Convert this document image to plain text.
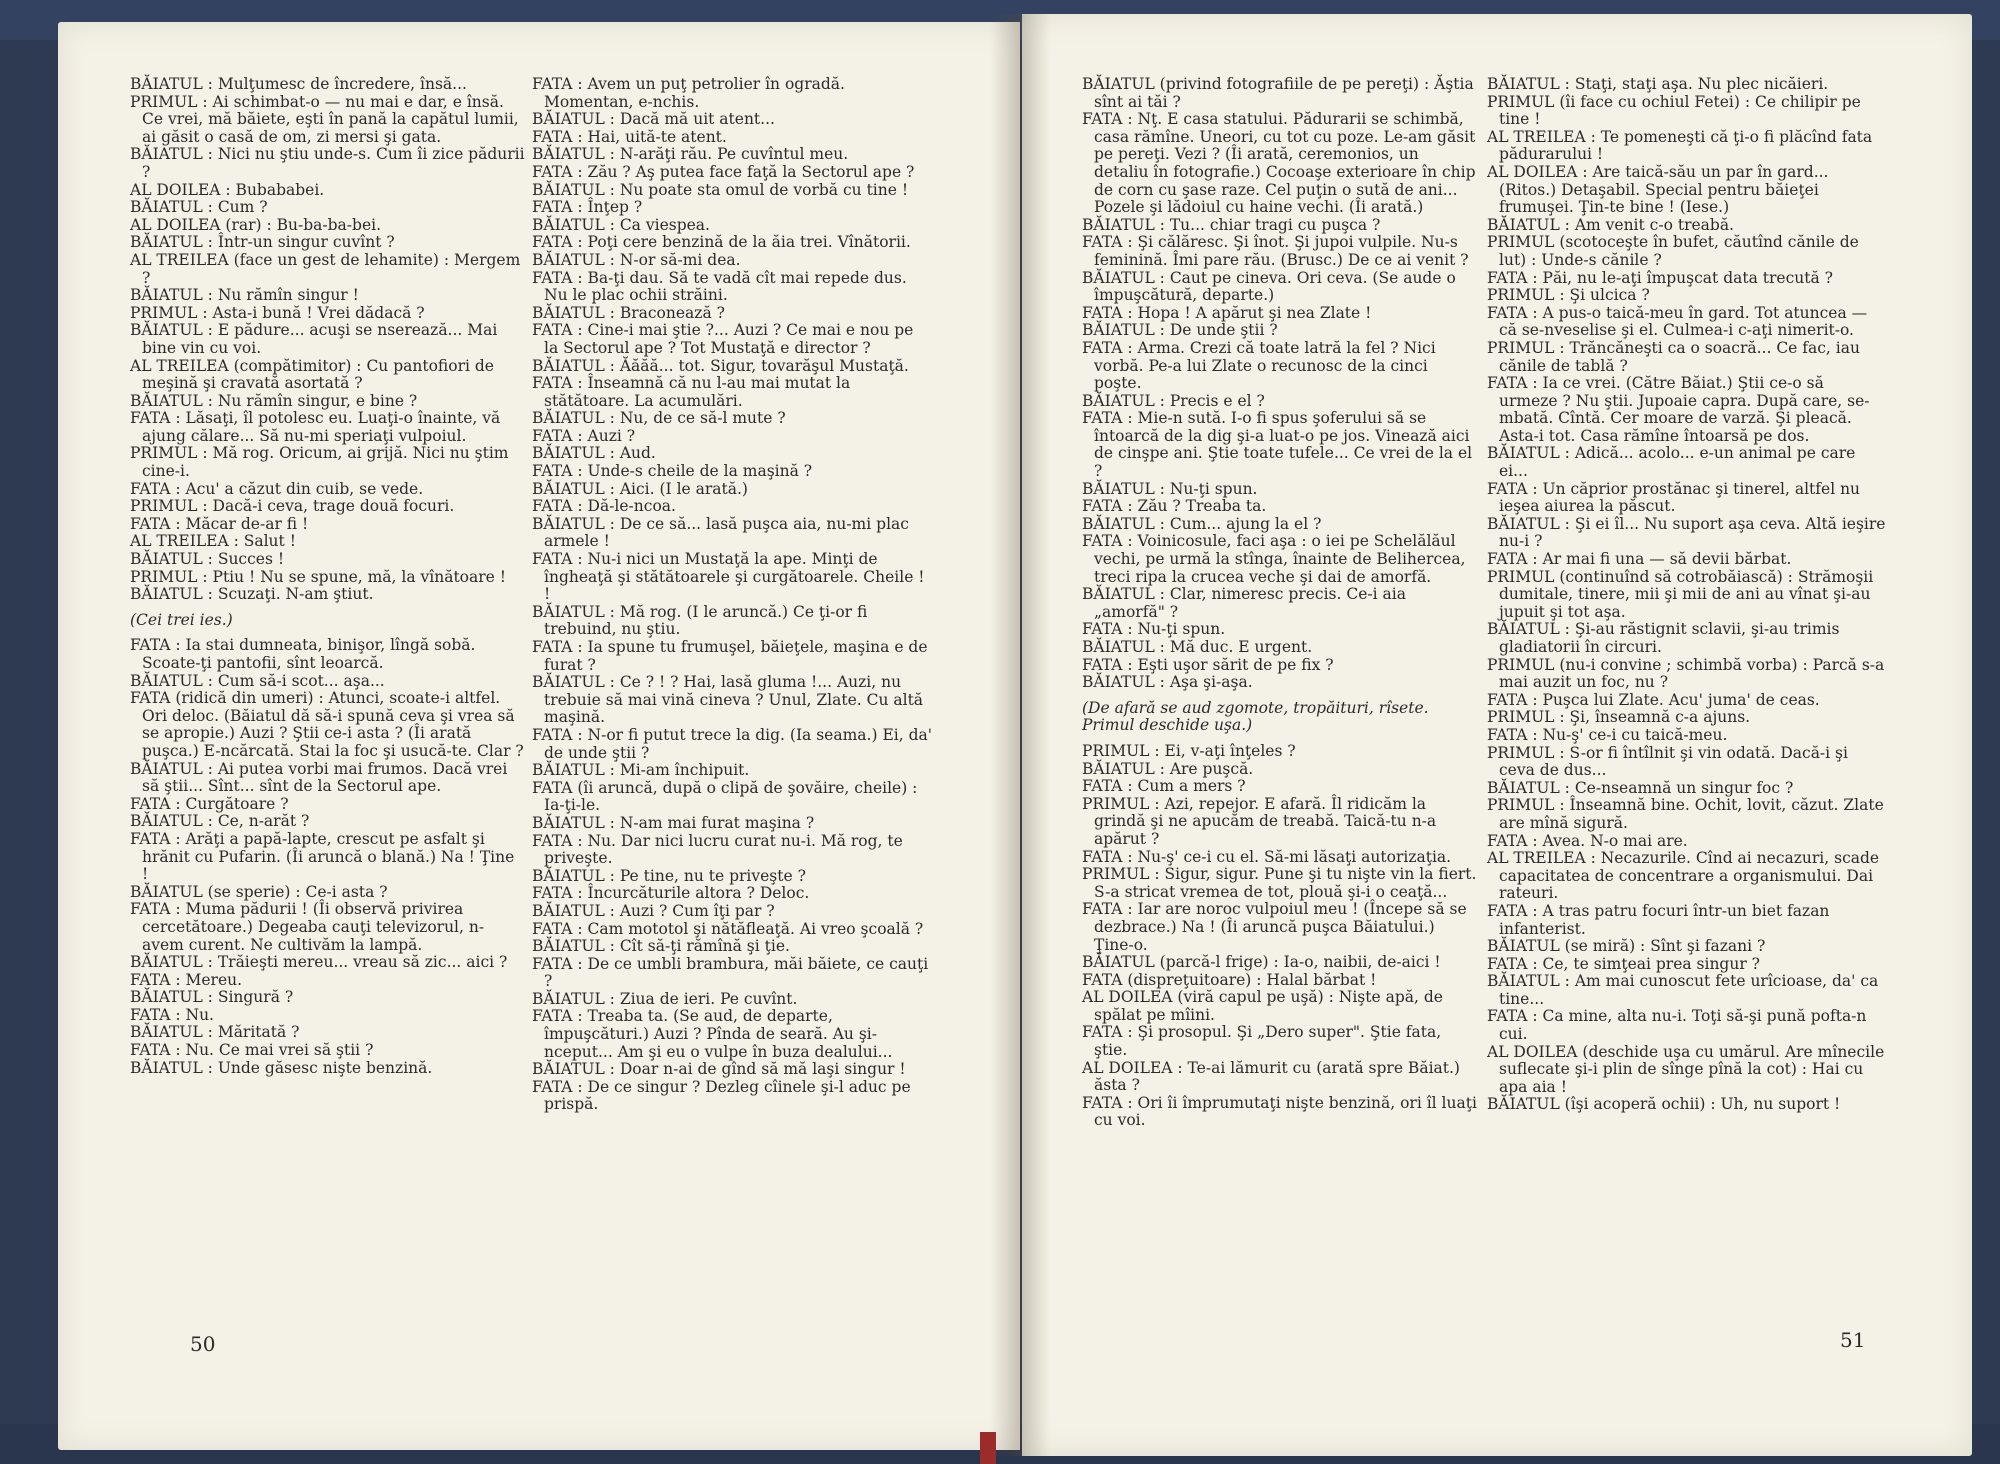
BĂIATUL : Mulţumesc de încredere, însă...

PRIMUL : Ai schimbat-o — nu mai e dar, e însă. Ce vrei, mă băiete, eşti în pană la capătul lumii, ai găsit o casă de om, zi mersi şi gata.

BĂIATUL : Nici nu ştiu unde-s. Cum îi zice pădurii ?

AL DOILEA : Bubababei.

BĂIATUL : Cum ?

AL DOILEA (rar) : Bu-ba-ba-bei.

BĂIATUL : Într-un singur cuvînt ?

AL TREILEA (face un gest de lehamite) : Mergem ?

BĂIATUL : Nu rămîn singur !

PRIMUL : Asta-i bună ! Vrei dădacă ?

BĂIATUL : E pădure... acuşi se nserează... Mai bine vin cu voi.

AL TREILEA (compătimitor) : Cu pantofiori de meşină şi cravată asortată ?

BĂIATUL : Nu rămîn singur, e bine ?

FATA : Lăsaţi, îl potolesc eu. Luaţi-o înainte, vă ajung călare... Să nu-mi speriaţi vulpoiul.

PRIMUL : Mă rog. Oricum, ai grijă. Nici nu ştim cine-i.

FATA : Acu' a căzut din cuib, se vede.

PRIMUL : Dacă-i ceva, trage două focuri.

FATA : Măcar de-ar fi !

AL TREILEA : Salut !

BĂIATUL : Succes !

PRIMUL : Ptiu ! Nu se spune, mă, la vînătoare !

BĂIATUL : Scuzaţi. N-am ştiut.

(Cei trei ies.)

FATA : Ia stai dumneata, binişor, lîngă sobă. Scoate-ţi pantofii, sînt leoarcă.

BĂIATUL : Cum să-i scot... aşa...

FATA (ridică din umeri) : Atunci, scoate-i altfel. Ori deloc. (Băiatul dă să-i spună ceva şi vrea să se apropie.) Auzi ? Ştii ce-i asta ? (Îi arată puşca.) E-ncărcată. Stai la foc şi usucă-te. Clar ?

BĂIATUL : Ai putea vorbi mai frumos. Dacă vrei să ştii... Sînt... sînt de la Sectorul ape.

FATA : Curgătoare ?

BĂIATUL : Ce, n-arăt ?

FATA : Arăţi a papă-lapte, crescut pe asfalt şi hrănit cu Pufarin. (Îi aruncă o blană.) Na ! Ţine !

BĂIATUL (se sperie) : Ce-i asta ?

FATA : Muma pădurii ! (Îi observă privirea cercetătoare.) Degeaba cauţi televizorul, n-avem curent. Ne cultivăm la lampă.

BĂIATUL : Trăieşti mereu... vreau să zic... aici ?

FATA : Mereu.

BĂIATUL : Singură ?

FATA : Nu.

BĂIATUL : Măritată ?

FATA : Nu. Ce mai vrei să ştii ?

BĂIATUL : Unde găsesc nişte benzină.

FATA : Avem un puţ petrolier în ogradă. Momentan, e-nchis.

BĂIATUL : Dacă mă uit atent...

FATA : Hai, uită-te atent.

BĂIATUL : N-arăţi rău. Pe cuvîntul meu.

FATA : Zău ? Aş putea face faţă la Sectorul ape ?

BĂIATUL : Nu poate sta omul de vorbă cu tine !

FATA : Înţep ?

BĂIATUL : Ca viespea.

FATA : Poţi cere benzină de la ăia trei. Vînătorii.

BĂIATUL : N-or să-mi dea.

FATA : Ba-ţi dau. Să te vadă cît mai repede dus. Nu le plac ochii străini.

BĂIATUL : Braconează ?

FATA : Cine-i mai ştie ?... Auzi ? Ce mai e nou pe la Sectorul ape ? Tot Mustaţă e director ?

BĂIATUL : Ăăăă... tot. Sigur, tovarăşul Mustaţă.

FATA : Înseamnă că nu l-au mai mutat la stătătoare. La acumulări.

BĂIATUL : Nu, de ce să-l mute ?

FATA : Auzi ?

BĂIATUL : Aud.

FATA : Unde-s cheile de la maşină ?

BĂIATUL : Aici. (I le arată.)

FATA : Dă-le-ncoa.

BĂIATUL : De ce să... lasă puşca aia, nu-mi plac armele !

FATA : Nu-i nici un Mustaţă la ape. Minţi de îngheaţă şi stătătoarele şi curgătoarele. Cheile ! !

BĂIATUL : Mă rog. (I le aruncă.) Ce ţi-or fi trebuind, nu ştiu.

FATA : Ia spune tu frumuşel, băieţele, maşina e de furat ?

BĂIATUL : Ce ? ! ? Hai, lasă gluma !... Auzi, nu trebuie să mai vină cineva ? Unul, Zlate. Cu altă maşină.

FATA : N-or fi putut trece la dig. (Ia seama.) Ei, da' de unde ştii ?

BĂIATUL : Mi-am închipuit.

FATA (îi aruncă, după o clipă de şovăire, cheile) : Ia-ţi-le.

BĂIATUL : N-am mai furat maşina ?

FATA : Nu. Dar nici lucru curat nu-i. Mă rog, te priveşte.

BĂIATUL : Pe tine, nu te priveşte ?

FATA : Încurcăturile altora ? Deloc.

BĂIATUL : Auzi ? Cum îţi par ?

FATA : Cam mototol şi nătăfleaţă. Ai vreo şcoală ?

BĂIATUL : Cît să-ţi rămînă şi ţie.

FATA : De ce umbli brambura, măi băiete, ce cauţi ?

BĂIATUL : Ziua de ieri. Pe cuvînt.

FATA : Treaba ta. (Se aud, de departe, împuşcături.) Auzi ? Pînda de seară. Au şi-nceput... Am şi eu o vulpe în buza dealului...

BĂIATUL : Doar n-ai de gînd să mă laşi singur !

FATA : De ce singur ? Dezleg cîinele şi-l aduc pe prispă.

BĂIATUL (privind fotografiile de pe pereţi) : Ăştia sînt ai tăi ?

FATA : Nţ. E casa statului. Pădurarii se schimbă, casa rămîne. Uneori, cu tot cu poze. Le-am găsit pe pereţi. Vezi ? (Îi arată, ceremonios, un detaliu în fotografie.) Cocoaşe exterioare în chip de corn cu şase raze. Cel puţin o sută de ani... Pozele şi lădoiul cu haine vechi. (Îi arată.)

BĂIATUL : Tu... chiar tragi cu puşca ?

FATA : Şi călăresc. Şi înot. Şi jupoi vulpile. Nu-s feminină. Îmi pare rău. (Brusc.) De ce ai venit ?

BĂIATUL : Caut pe cineva. Ori ceva. (Se aude o împuşcătură, departe.)

FATA : Hopa ! A apărut şi nea Zlate !

BĂIATUL : De unde ştii ?

FATA : Arma. Crezi că toate latră la fel ? Nici vorbă. Pe-a lui Zlate o recunosc de la cinci poşte.

BĂIATUL : Precis e el ?

FATA : Mie-n sută. I-o fi spus şoferului să se întoarcă de la dig şi-a luat-o pe jos. Vinează aici de cinşpe ani. Ştie toate tufele... Ce vrei de la el ?

BĂIATUL : Nu-ţi spun.

FATA : Zău ? Treaba ta.

BĂIATUL : Cum... ajung la el ?

FATA : Voinicosule, faci aşa : o iei pe Schelălăul vechi, pe urmă la stînga, înainte de Belihercea, treci ripa la crucea veche şi dai de amorfă.

BĂIATUL : Clar, nimeresc precis. Ce-i aia „amorfă" ?

FATA : Nu-ţi spun.

BĂIATUL : Mă duc. E urgent.

FATA : Eşti uşor sărit de pe fix ?

BĂIATUL : Aşa şi-aşa.

(De afară se aud zgomote, tropăituri, rîsete. Primul deschide uşa.)

PRIMUL : Ei, v-aţi înţeles ?

BĂIATUL : Are puşcă.

FATA : Cum a mers ?

PRIMUL : Azi, repejor. E afară. Îl ridicăm la grindă şi ne apucăm de treabă. Taică-tu n-a apărut ?

FATA : Nu-ş' ce-i cu el. Să-mi lăsaţi autorizaţia.

PRIMUL : Sigur, sigur. Pune şi tu nişte vin la fiert. S-a stricat vremea de tot, plouă şi-i o ceaţă...

FATA : Iar are noroc vulpoiul meu ! (Începe să se dezbrace.) Na ! (Îi aruncă puşca Băiatului.) Ţine-o.

BĂIATUL (parcă-l frige) : Ia-o, naibii, de-aici !

FATA (dispreţuitoare) : Halal bărbat !

AL DOILEA (viră capul pe uşă) : Nişte apă, de spălat pe mîini.

FATA : Şi prosopul. Şi „Dero super". Ştie fata, ştie.

AL DOILEA : Te-ai lămurit cu (arată spre Băiat.) ăsta ?

FATA : Ori îi împrumutaţi nişte benzină, ori îl luaţi cu voi.

BĂIATUL : Staţi, staţi aşa. Nu plec nicăieri.

PRIMUL (îi face cu ochiul Fetei) : Ce chilipir pe tine !

AL TREILEA : Te pomeneşti că ţi-o fi plăcînd fata pădurarului !

AL DOILEA : Are taică-său un par în gard... (Ritos.) Detaşabil. Special pentru băieţei frumuşei. Ţin-te bine ! (Iese.)

BĂIATUL : Am venit c-o treabă.

PRIMUL (scotoceşte în bufet, căutînd cănile de lut) : Unde-s cănile ?

FATA : Păi, nu le-aţi împuşcat data trecută ?

PRIMUL : Şi ulcica ?

FATA : A pus-o taică-meu în gard. Tot atuncea — că se-nveselise şi el. Culmea-i c-aţi nimerit-o.

PRIMUL : Trăncăneşti ca o soacră... Ce fac, iau cănile de tablă ?

FATA : Ia ce vrei. (Către Băiat.) Ştii ce-o să urmeze ? Nu ştii. Jupoaie capra. După care, se-mbată. Cîntă. Cer moare de varză. Şi pleacă. Asta-i tot. Casa rămîne întoarsă pe dos.

BĂIATUL : Adică... acolo... e-un animal pe care ei...

FATA : Un căprior prostănac şi tinerel, altfel nu ieşea aiurea la păscut.

BĂIATUL : Şi ei îl... Nu suport aşa ceva. Altă ieşire nu-i ?

FATA : Ar mai fi una — să devii bărbat.

PRIMUL (continuînd să cotrobăiască) : Strămoşii dumitale, tinere, mii şi mii de ani au vînat şi-au jupuit şi tot aşa.

BĂIATUL : Şi-au răstignit sclavii, şi-au trimis gladiatorii în circuri.

PRIMUL (nu-i convine ; schimbă vorba) : Parcă s-a mai auzit un foc, nu ?

FATA : Puşca lui Zlate. Acu' juma' de ceas.

PRIMUL : Şi, înseamnă c-a ajuns.

FATA : Nu-ş' ce-i cu taică-meu.

PRIMUL : S-or fi întîlnit şi vin odată. Dacă-i şi ceva de dus...

BĂIATUL : Ce-nseamnă un singur foc ?

PRIMUL : Înseamnă bine. Ochit, lovit, căzut. Zlate are mînă sigură.

FATA : Avea. N-o mai are.

AL TREILEA : Necazurile. Cînd ai necazuri, scade capacitatea de concentrare a organismului. Dai rateuri.

FATA : A tras patru focuri într-un biet fazan infanterist.

BĂIATUL (se miră) : Sînt şi fazani ?

FATA : Ce, te simţeai prea singur ?

BĂIATUL : Am mai cunoscut fete urîcioase, da' ca tine...

FATA : Ca mine, alta nu-i. Toţi să-şi pună pofta-n cui.

AL DOILEA (deschide uşa cu umărul. Are mînecile suflecate şi-i plin de sînge pînă la cot) : Hai cu apa aia !

BĂIATUL (îşi acoperă ochii) : Uh, nu suport !

50	51
